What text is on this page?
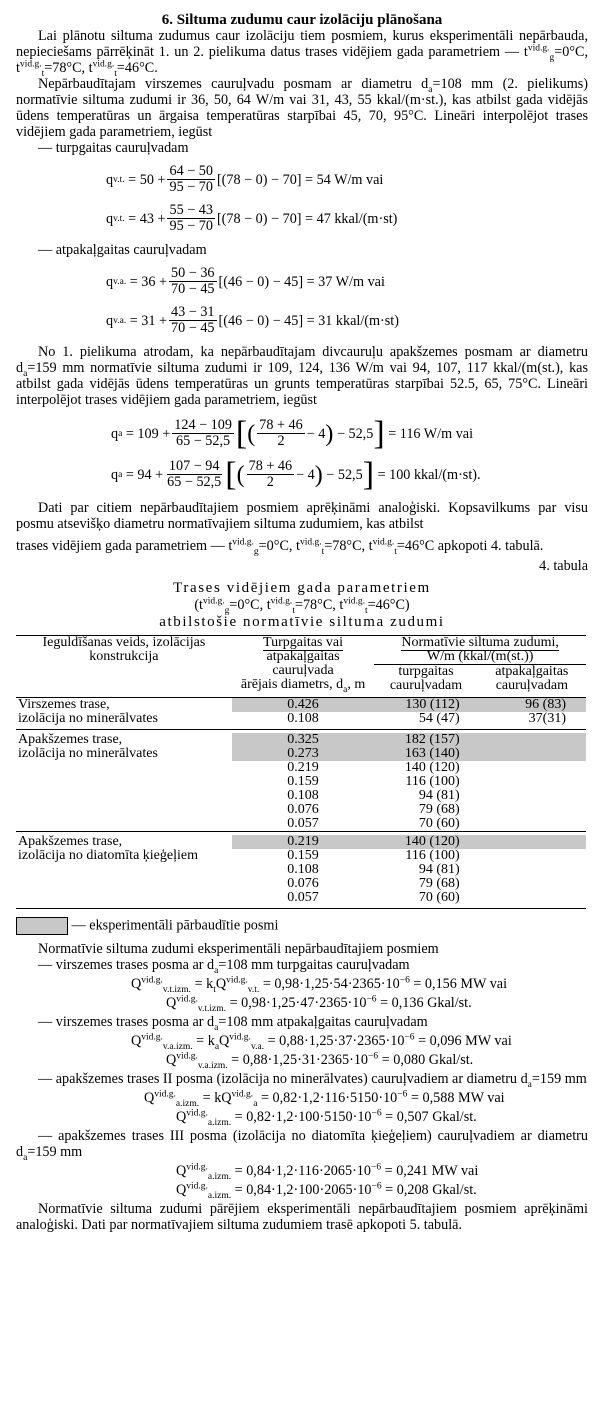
6. Siltuma zudumu caur izolāciju plānošana

Lai plānotu siltuma zudumus caur izolāciju tiem posmiem, kurus eksperimentāli nepārbauda, nepieciešams pārrēķināt 1. un 2. pielikuma datus trases vidējiem gada parametriem — $t^{vid.g.}_g=0^\circ C$, $t^{vid.g.}_t=78^\circ C$, $t^{vid.g.}_t=46^\circ C$.

Nepārbaudītajam virszemes cauruļvadu posmam ar diametru $d_a=108$ mm (2. pielikums) normatīvie siltuma zudumi ir 36, 50, 64 W/m vai 31, 43, 55 kkal/(m·st.), kas atbilst gada vidējās ūdens temperatūras un ārgaisa temperatūras starpībai 45, 70, 95°C. Lineāri interpolējot trases vidējiem gada parametriem, iegūst

— turpgaitas cauruļvadam
q v.t.
= $50 + \frac{64 - 50}{95 - 70} [(78 - 0) - 70] = 54$ W/m vai
q v.t.
= $43 + \frac{55 - 43}{95 - 70} [(78 - 0) - 70] = 47$ kkal/(m·st)
— atpakaļgaitas cauruļvadam
q v.a.
= $36 + \frac{50 - 36}{70 - 45} [(46 - 0) - 45] = 37$ W/m vai
q v.a.
= $31 + \frac{43 - 31}{70 - 45} [(46 - 0) - 45] = 31$ kkal/(m·st)

No 1. pielikuma atrodam, ka nepārbaudītajam divcauruļu apakšzemes posmam ar diametru $d_a=159$ mm normatīvie siltuma zudumi ir 109, 124, 136 W/m vai 94, 107, 117 kkal/(m(st.), kas atbilst gada vidējās ūdens temperatūras un grunts temperatūras starpībai 52.5, 65, 75°C. Lineāri interpolējot trases vidējiem gada parametriem, iegūst

q a
= $109 + \frac{124 - 109}{65 - 52,5}$ [ ( $\frac{78 + 46}{2} - 4$ )
− 52,5 ]
= 116 W/m vai
q a
= $94 + \frac{107 - 94}{65 - 52,5}$ [ ( $\frac{78 + 46}{2} - 4$ )
− 52,5 ]
= 100 kkal/(m·st).

Dati par citiem nepārbaudītajiem posmiem aprēķināmi analoģiski. Kopsavilkums par visu posmu atsevišķo diametru normatīvajiem siltuma zudumiem, kas atbilst

trases vidējiem gada parametriem — $t^{vid.g.}_g=0^\circ C$, $t^{vid.g.}_t=78^\circ C$, $t^{vid.g.}_t=46^\circ C$ apkopoti 4. tabulā.

4. tabula
Trases vidējiem gada parametriem
($t^{vid.g.}_g=0^\circ C$, $t^{vid.g.}_t=78^\circ C$, $t^{vid.g.}_t=46^\circ C$)
atbilstošie normatīvie siltuma zudumi
Ieguldīšanas veids, izolācijas konstrukcija	Turpgaitas vai
atpakaļgaitas
cauruļvada
ārējais diametrs, $d_a$, m	Normatīvie siltuma zudumi,
W/m (kkal/(m(st.))	
		turpgaitas cauruļvadam	atpakaļgaitas cauruļvadam

Virszemes trase,	0.426	130 (112)	96 (83)
izolācija no minerālvates	0.108	54 (47)	37(31)

Apakšzemes trase,	0.325	182 (157)	
izolācija no minerālvates	0.273	163 (140)	
	0.219	140 (120)	
	0.159	116 (100)	
	0.108	94 (81)	
	0.076	79 (68)	
	0.057	70 (60)	

Apakšzemes trase,	0.219	140 (120)	
izolācija no diatomīta ķieģeļiem	0.159	116 (100)	
	0.108	94 (81)	
	0.076	79 (68)	
	0.057	70 (60)	

— eksperimentāli pārbaudītie posmi

Normatīvie siltuma zudumi eksperimentāli nepārbaudītajiem posmiem

— virszemes trases posma ar $d_a=108$ mm turpgaitas cauruļvadam

$Q^{vid.g.}_{v.t.izm.} = k_tQ^{vid.g.}_{v.t.} = 0,98\cdot 1,25\cdot 54\cdot 2365\cdot 10^{-6} = 0,156$ MW vai
$Q^{vid.g.}_{v.t.izm.} = 0,98\cdot 1,25\cdot 47\cdot 2365\cdot 10^{-6} = 0,136$ Gkal/st.

— virszemes trases posma ar $d_a=108$ mm atpakaļgaitas cauruļvadam

$Q^{vid.g.}_{v.a.izm.} = k_aQ^{vid.g.}_{v.a.} = 0,88\cdot 1,25\cdot 37\cdot 2365\cdot 10^{-6} = 0,096$ MW vai
$Q^{vid.g.}_{v.a.izm.} = 0,88\cdot 1,25\cdot 31\cdot 2365\cdot 10^{-6} = 0,080$ Gkal/st.

— apakšzemes trases II posma (izolācija no minerālvates) cauruļvadiem ar diametru $d_a=159$ mm

$Q^{vid.g.}_{a.izm.} = kQ^{vid.g.}_a = 0,82\cdot 1,2\cdot 116\cdot 5150\cdot 10^{-6} = 0,588$ MW vai
$Q^{vid.g.}_{a.izm.} = 0,82\cdot 1,2\cdot 100\cdot 5150\cdot 10^{-6} = 0,507$ Gkal/st.

— apakšzemes trases III posma (izolācija no diatomīta ķieģeļiem) cauruļvadiem ar diametru $d_a=159$ mm

$Q^{vid.g.}_{a.izm.} = 0,84\cdot 1,2\cdot 116\cdot 2065\cdot 10^{-6} = 0,241$ MW vai
$Q^{vid.g.}_{a.izm.} = 0,84\cdot 1,2\cdot 100\cdot 2065\cdot 10^{-6} = 0,208$ Gkal/st.

Normatīvie siltuma zudumi pārējiem eksperimentāli nepārbaudītajiem posmiem aprēķināmi analoģiski. Dati par normatīvajiem siltuma zudumiem trasē apkopoti 5. tabulā.
